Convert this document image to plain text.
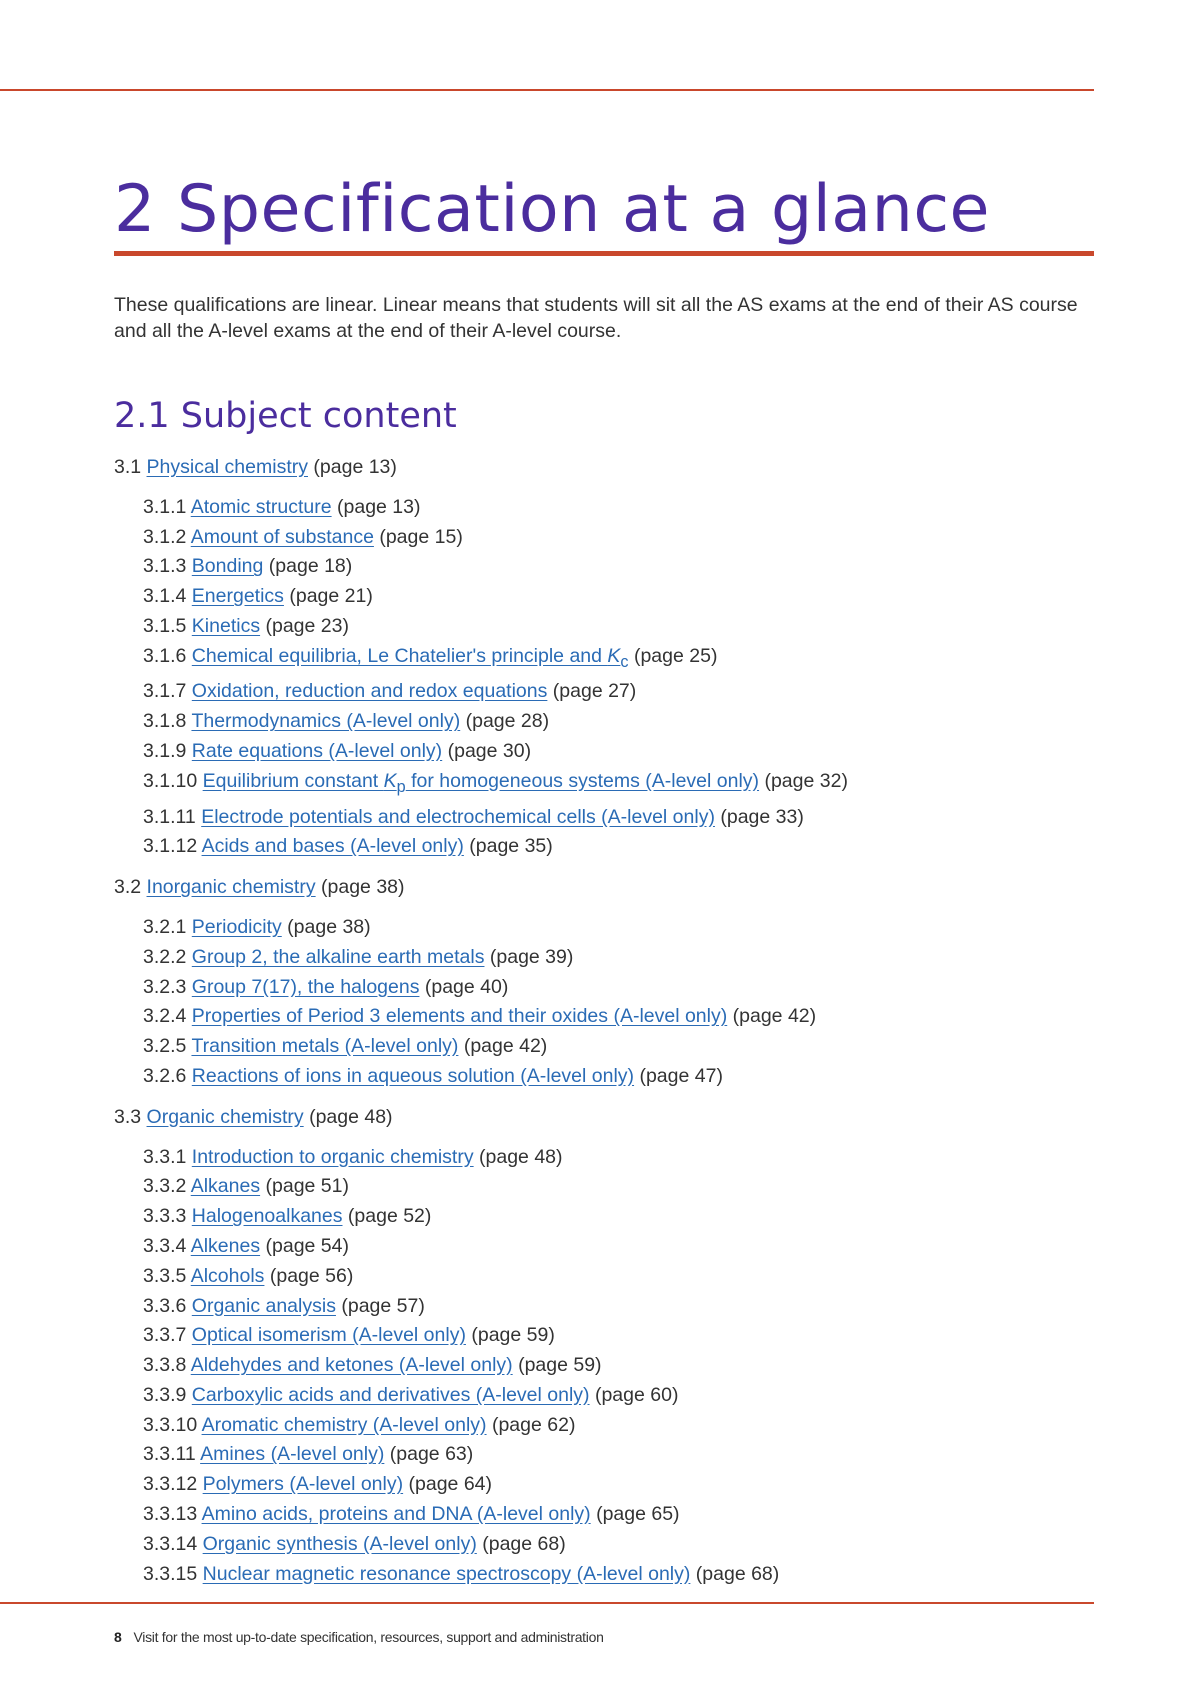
2 Specification at a glance

These qualifications are linear. Linear means that students will sit all the AS exams at the end of their AS course and all the A-level exams at the end of their A-level course.

2.1 Subject content

3.1 Physical chemistry (page 13)

3.1.1 Atomic structure (page 13)
3.1.2 Amount of substance (page 15)
3.1.3 Bonding (page 18)
3.1.4 Energetics (page 21)
3.1.5 Kinetics (page 23)
3.1.6 Chemical equilibria, Le Chatelier's principle and $K_c$ (page 25)
3.1.7 Oxidation, reduction and redox equations (page 27)
3.1.8 Thermodynamics (A-level only) (page 28)
3.1.9 Rate equations (A-level only) (page 30)
3.1.10 Equilibrium constant $K_p$ for homogeneous systems (A-level only) (page 32)
3.1.11 Electrode potentials and electrochemical cells (A-level only) (page 33)
3.1.12 Acids and bases (A-level only) (page 35)

3.2 Inorganic chemistry (page 38)

3.2.1 Periodicity (page 38)
3.2.2 Group 2, the alkaline earth metals (page 39)
3.2.3 Group 7(17), the halogens (page 40)
3.2.4 Properties of Period 3 elements and their oxides (A-level only) (page 42)
3.2.5 Transition metals (A-level only) (page 42)
3.2.6 Reactions of ions in aqueous solution (A-level only) (page 47)

3.3 Organic chemistry (page 48)

3.3.1 Introduction to organic chemistry (page 48)
3.3.2 Alkanes (page 51)
3.3.3 Halogenoalkanes (page 52)
3.3.4 Alkenes (page 54)
3.3.5 Alcohols (page 56)
3.3.6 Organic analysis (page 57)
3.3.7 Optical isomerism (A-level only) (page 59)
3.3.8 Aldehydes and ketones (A-level only) (page 59)
3.3.9 Carboxylic acids and derivatives (A-level only) (page 60)
3.3.10 Aromatic chemistry (A-level only) (page 62)
3.3.11 Amines (A-level only) (page 63)
3.3.12 Polymers (A-level only) (page 64)
3.3.13 Amino acids, proteins and DNA (A-level only) (page 65)
3.3.14 Organic synthesis (A-level only) (page 68)
3.3.15 Nuclear magnetic resonance spectroscopy (A-level only) (page 68)

8 Visit for the most up-to-date specification, resources, support and administration
